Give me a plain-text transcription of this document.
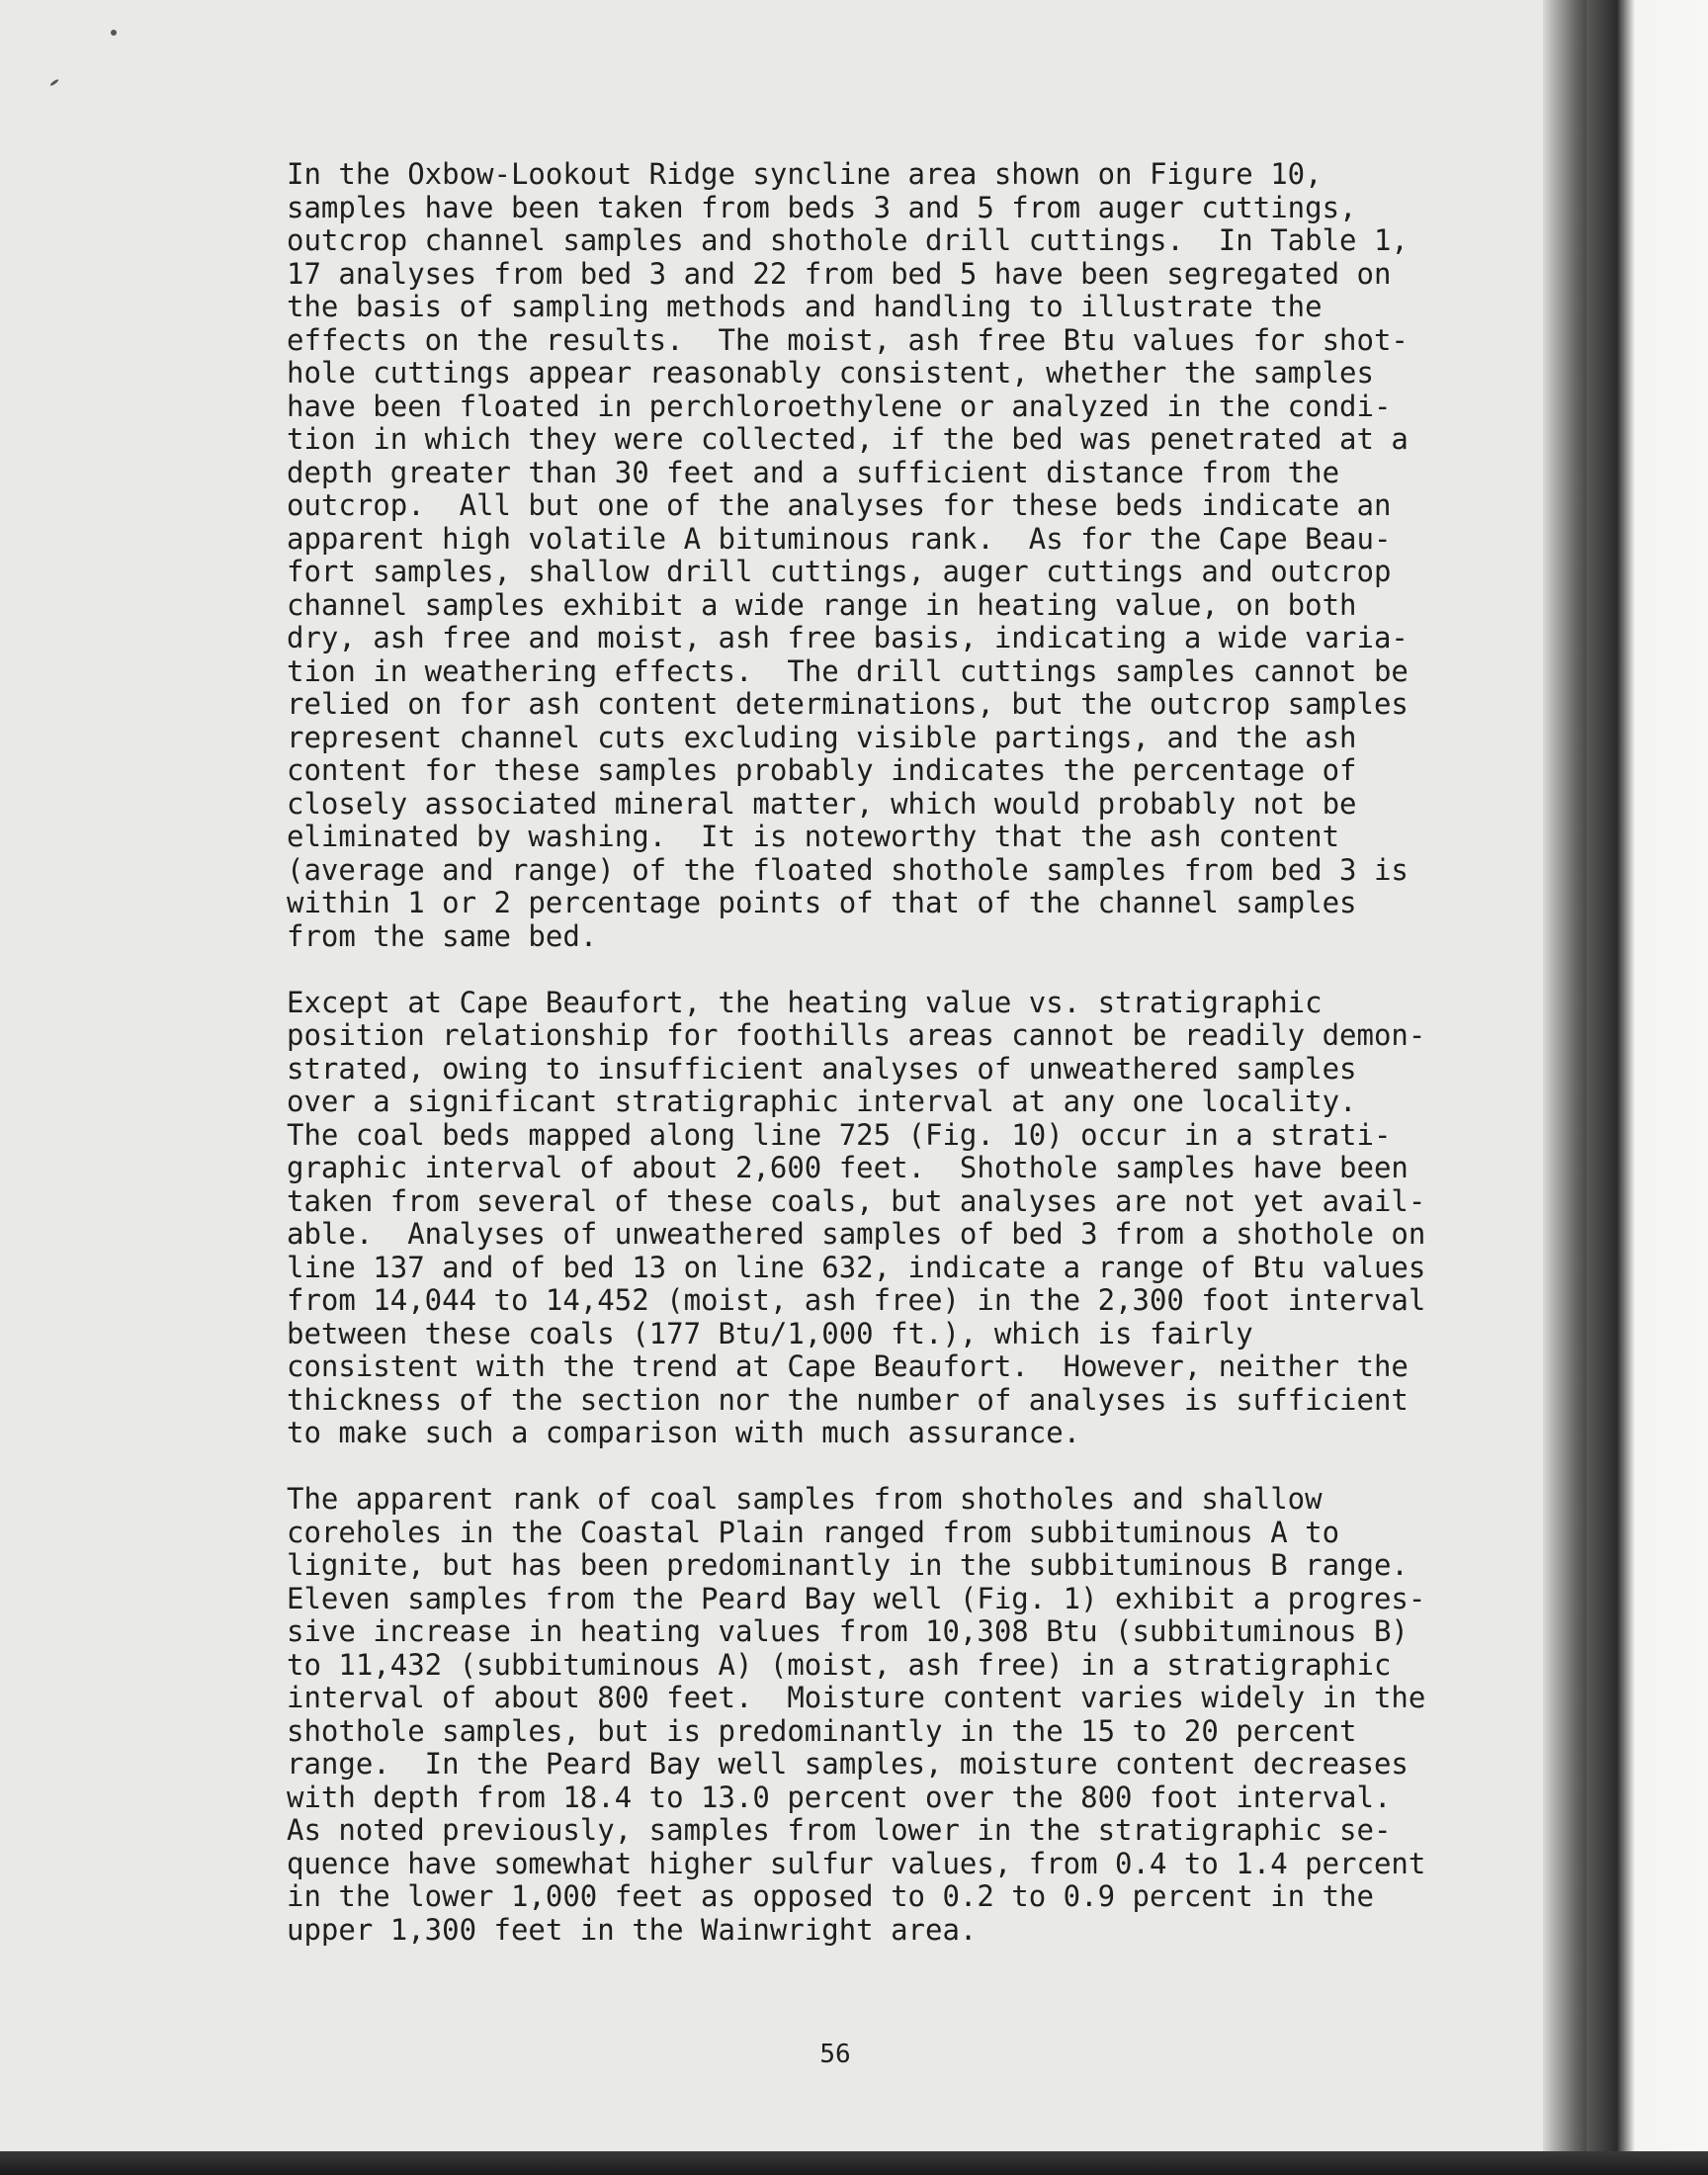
In the Oxbow-Lookout Ridge syncline area shown on Figure 10,
samples have been taken from beds 3 and 5 from auger cuttings,
outcrop channel samples and shothole drill cuttings.  In Table 1,
17 analyses from bed 3 and 22 from bed 5 have been segregated on
the basis of sampling methods and handling to illustrate the
effects on the results.  The moist, ash free Btu values for shot-
hole cuttings appear reasonably consistent, whether the samples
have been floated in perchloroethylene or analyzed in the condi-
tion in which they were collected, if the bed was penetrated at a
depth greater than 30 feet and a sufficient distance from the
outcrop.  All but one of the analyses for these beds indicate an
apparent high volatile A bituminous rank.  As for the Cape Beau-
fort samples, shallow drill cuttings, auger cuttings and outcrop
channel samples exhibit a wide range in heating value, on both
dry, ash free and moist, ash free basis, indicating a wide varia-
tion in weathering effects.  The drill cuttings samples cannot be
relied on for ash content determinations, but the outcrop samples
represent channel cuts excluding visible partings, and the ash
content for these samples probably indicates the percentage of
closely associated mineral matter, which would probably not be
eliminated by washing.  It is noteworthy that the ash content
(average and range) of the floated shothole samples from bed 3 is
within 1 or 2 percentage points of that of the channel samples
from the same bed.
Except at Cape Beaufort, the heating value vs. stratigraphic
position relationship for foothills areas cannot be readily demon-
strated, owing to insufficient analyses of unweathered samples
over a significant stratigraphic interval at any one locality.
The coal beds mapped along line 725 (Fig. 10) occur in a strati-
graphic interval of about 2,600 feet.  Shothole samples have been
taken from several of these coals, but analyses are not yet avail-
able.  Analyses of unweathered samples of bed 3 from a shothole on
line 137 and of bed 13 on line 632, indicate a range of Btu values
from 14,044 to 14,452 (moist, ash free) in the 2,300 foot interval
between these coals (177 Btu/1,000 ft.), which is fairly
consistent with the trend at Cape Beaufort.  However, neither the
thickness of the section nor the number of analyses is sufficient
to make such a comparison with much assurance.
The apparent rank of coal samples from shotholes and shallow
coreholes in the Coastal Plain ranged from subbituminous A to
lignite, but has been predominantly in the subbituminous B range.
Eleven samples from the Peard Bay well (Fig. 1) exhibit a progres-
sive increase in heating values from 10,308 Btu (subbituminous B)
to 11,432 (subbituminous A) (moist, ash free) in a stratigraphic
interval of about 800 feet.  Moisture content varies widely in the
shothole samples, but is predominantly in the 15 to 20 percent
range.  In the Peard Bay well samples, moisture content decreases
with depth from 18.4 to 13.0 percent over the 800 foot interval.
As noted previously, samples from lower in the stratigraphic se-
quence have somewhat higher sulfur values, from 0.4 to 1.4 percent
in the lower 1,000 feet as opposed to 0.2 to 0.9 percent in the
upper 1,300 feet in the Wainwright area.
56
